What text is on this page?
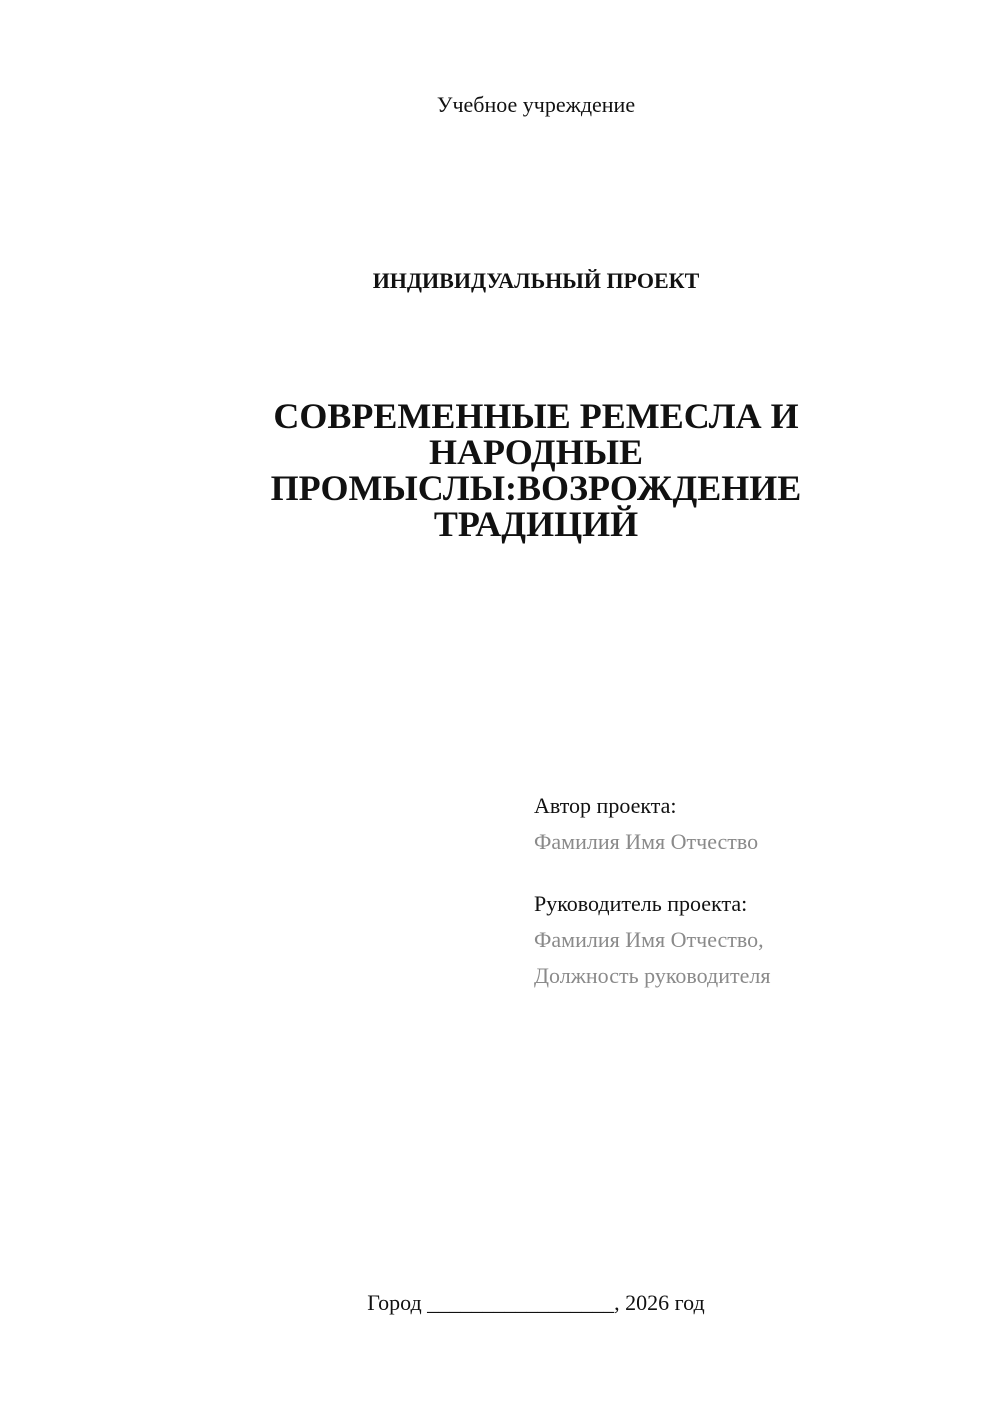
Учебное учреждение
ИНДИВИДУАЛЬНЫЙ ПРОЕКТ
СОВРЕМЕННЫЕ РЕМЕСЛА И
НАРОДНЫЕ
ПРОМЫСЛЫ:ВОЗРОЖДЕНИЕ
ТРАДИЦИЙ
Автор проекта:
Фамилия Имя Отчество
Руководитель проекта:
Фамилия Имя Отчество,
Должность руководителя
Город _________________, 2026 год
